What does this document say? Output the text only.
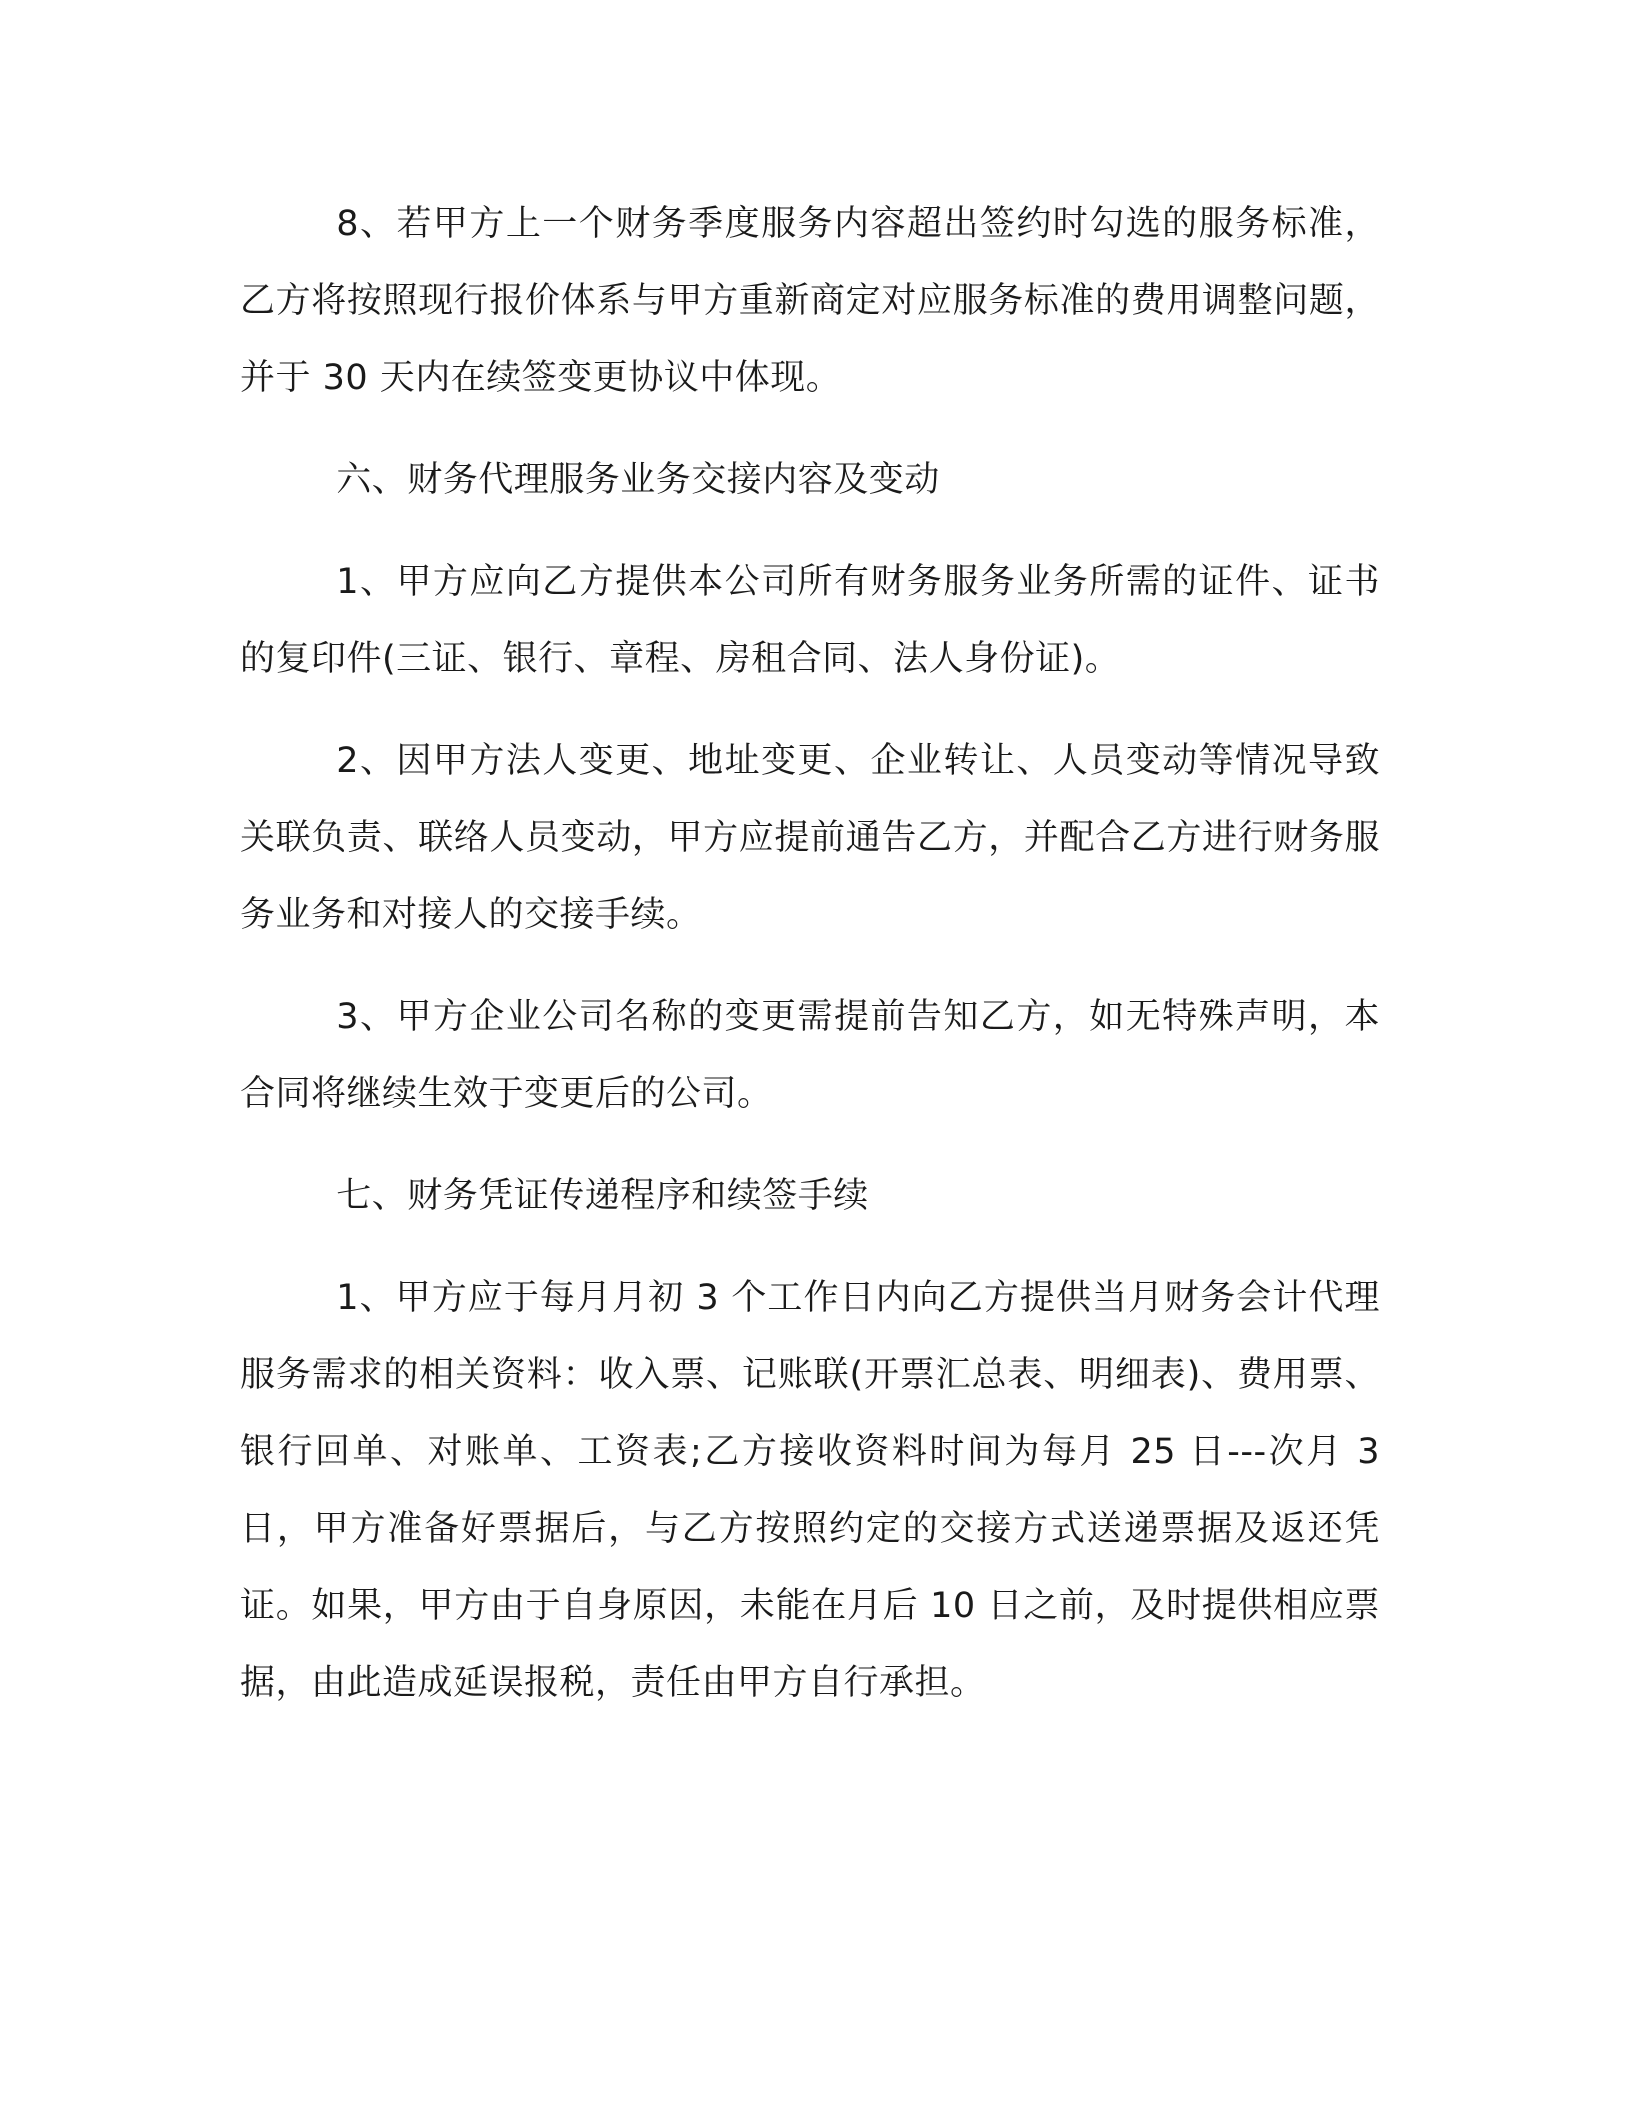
8、若甲方上一个财务季度服务内容超出签约时勾选的服务标准，乙方将按照现行报价体系与甲方重新商定对应服务标准的费用调整问题，并于 30 天内在续签变更协议中体现。

六、财务代理服务业务交接内容及变动

1、甲方应向乙方提供本公司所有财务服务业务所需的证件、证书的复印件(三证、银行、章程、房租合同、法人身份证)。

2、因甲方法人变更、地址变更、企业转让、人员变动等情况导致关联负责、联络人员变动，甲方应提前通告乙方，并配合乙方进行财务服务业务和对接人的交接手续。

3、甲方企业公司名称的变更需提前告知乙方，如无特殊声明，本合同将继续生效于变更后的公司。

七、财务凭证传递程序和续签手续

1、甲方应于每月月初 3 个工作日内向乙方提供当月财务会计代理服务需求的相关资料：收入票、记账联(开票汇总表、明细表)、费用票、银行回单、对账单、工资表;乙方接收资料时间为每月 25 日---次月 3 日，甲方准备好票据后，与乙方按照约定的交接方式送递票据及返还凭证。如果，甲方由于自身原因，未能在月后 10 日之前，及时提供相应票据，由此造成延误报税，责任由甲方自行承担。
